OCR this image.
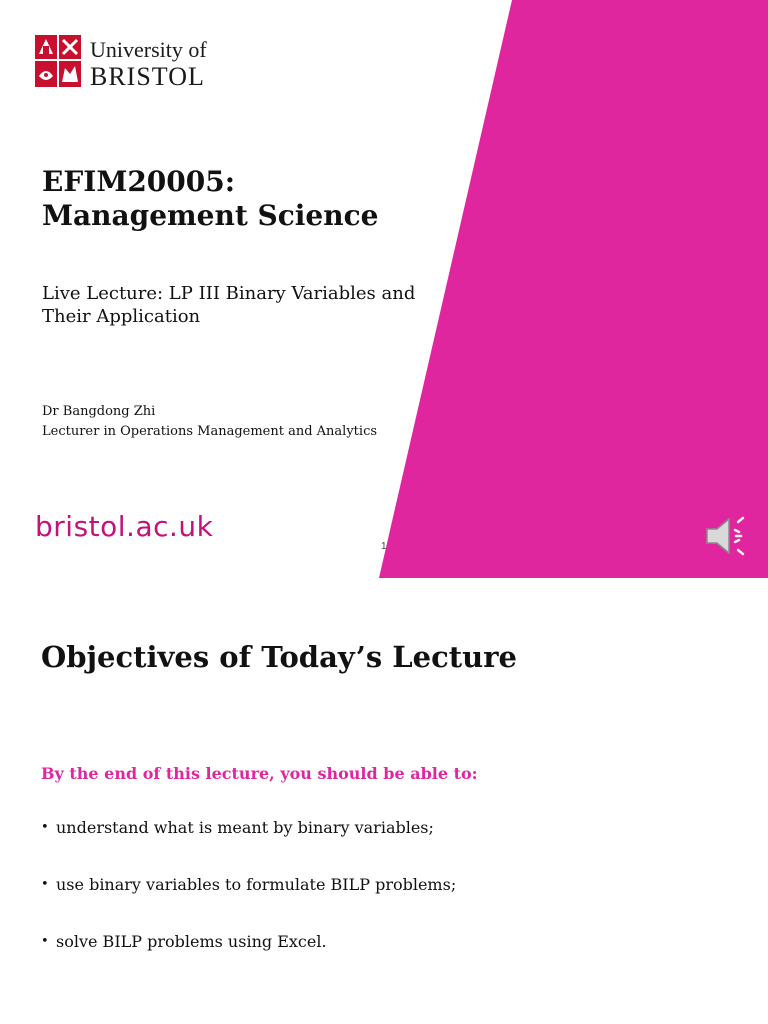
University of
BRISTOL
EFIM20005:
Management Science
Live Lecture: LP III Binary Variables and Their Application
Dr Bangdong Zhi
Lecturer in Operations Management and Analytics
bristol.ac.uk
1
Objectives of Today’s Lecture
By the end of this lecture, you should be able to:
• understand what is meant by binary variables;
• use binary variables to formulate BILP problems;
• solve BILP problems using Excel.
